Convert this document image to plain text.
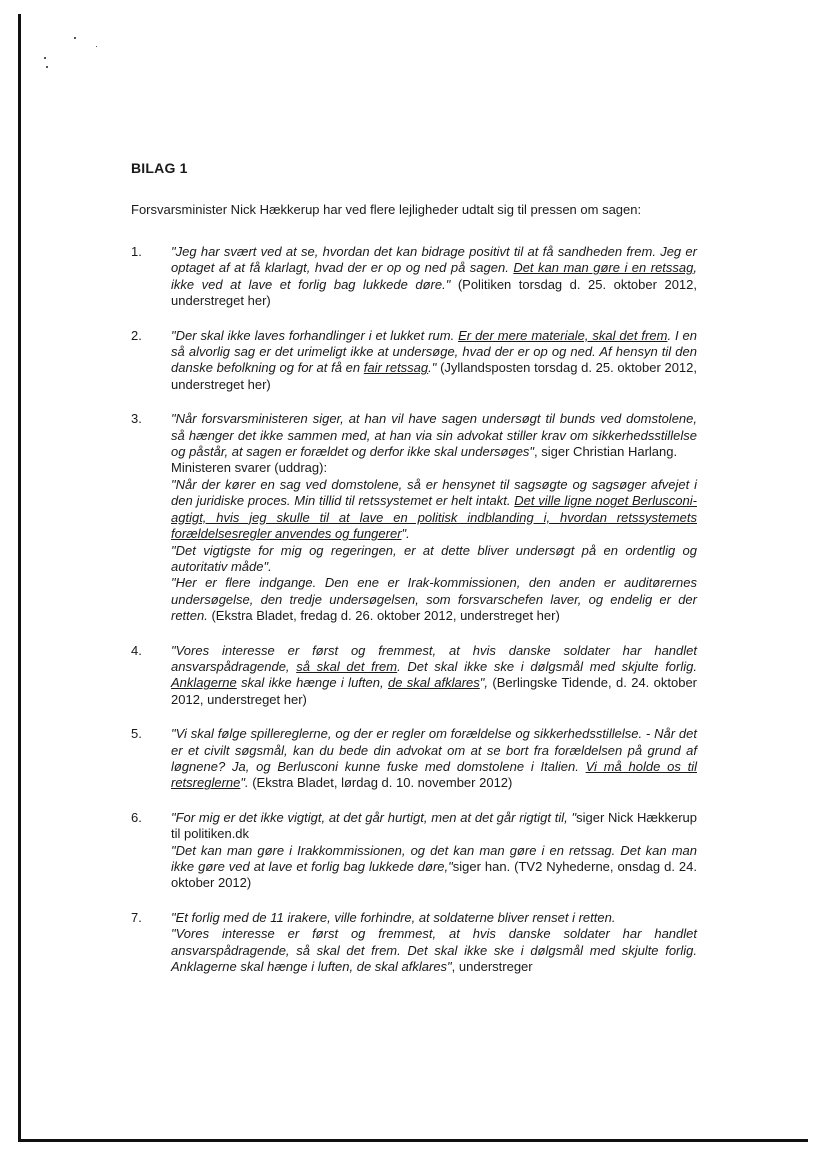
BILAG 1

Forsvarsminister Nick Hækkerup har ved flere lejligheder udtalt sig til pressen om sagen:

1. "Jeg har svært ved at se, hvordan det kan bidrage positivt til at få sandheden frem. Jeg er optaget af at få klarlagt, hvad der er op og ned på sagen. Det kan man gøre i en retssag, ikke ved at lave et forlig bag lukkede døre." (Politiken torsdag d. 25. oktober 2012, understreget her)
2. "Der skal ikke laves forhandlinger i et lukket rum. Er der mere materiale, skal det frem. I en så alvorlig sag er det urimeligt ikke at undersøge, hvad der er op og ned. Af hensyn til den danske befolkning og for at få en fair retssag." (Jyllandsposten torsdag d. 25. oktober 2012, understreget her)
3. "Når forsvarsministeren siger, at han vil have sagen undersøgt til bunds ved domstolene, så hænger det ikke sammen med, at han via sin advokat stiller krav om sikkerhedsstillelse og påstår, at sagen er forældet og derfor ikke skal undersøges", siger Christian Harlang.
Ministeren svarer (uddrag):
"Når der kører en sag ved domstolene, så er hensynet til sagsøgte og sagsøger afvejet i den juridiske proces. Min tillid til retssystemet er helt intakt. Det ville ligne noget Berlusconi-agtigt, hvis jeg skulle til at lave en politisk indblanding i, hvordan retssystemets forældelsesregler anvendes og fungerer".
"Det vigtigste for mig og regeringen, er at dette bliver undersøgt på en ordentlig og autoritativ måde".
"Her er flere indgange. Den ene er Irak-kommissionen, den anden er auditørernes undersøgelse, den tredje undersøgelsen, som forsvarschefen laver, og endelig er der retten. (Ekstra Bladet, fredag d. 26. oktober 2012, understreget her)
4. "Vores interesse er først og fremmest, at hvis danske soldater har handlet ansvarspådragende, så skal det frem. Det skal ikke ske i dølgsmål med skjulte forlig. Anklagerne skal ikke hænge i luften, de skal afklares", (Berlingske Tidende, d. 24. oktober 2012, understreget her)
5. "Vi skal følge spillereglerne, og der er regler om forældelse og sikkerhedsstillelse. - Når det er et civilt søgsmål, kan du bede din advokat om at se bort fra forældelsen på grund af løgnene? Ja, og Berlusconi kunne fuske med domstolene i Italien. Vi må holde os til retsreglerne". (Ekstra Bladet, lørdag d. 10. november 2012)
6. "For mig er det ikke vigtigt, at det går hurtigt, men at det går rigtigt til, "siger Nick Hækkerup til politiken.dk
"Det kan man gøre i Irakkommissionen, og det kan man gøre i en retssag. Det kan man ikke gøre ved at lave et forlig bag lukkede døre,"siger han. (TV2 Nyhederne, onsdag d. 24. oktober 2012)
7. "Et forlig med de 11 irakere, ville forhindre, at soldaterne bliver renset i retten.
"Vores interesse er først og fremmest, at hvis danske soldater har handlet ansvarspådragende, så skal det frem. Det skal ikke ske i dølgsmål med skjulte forlig. Anklagerne skal hænge i luften, de skal afklares", understreger
